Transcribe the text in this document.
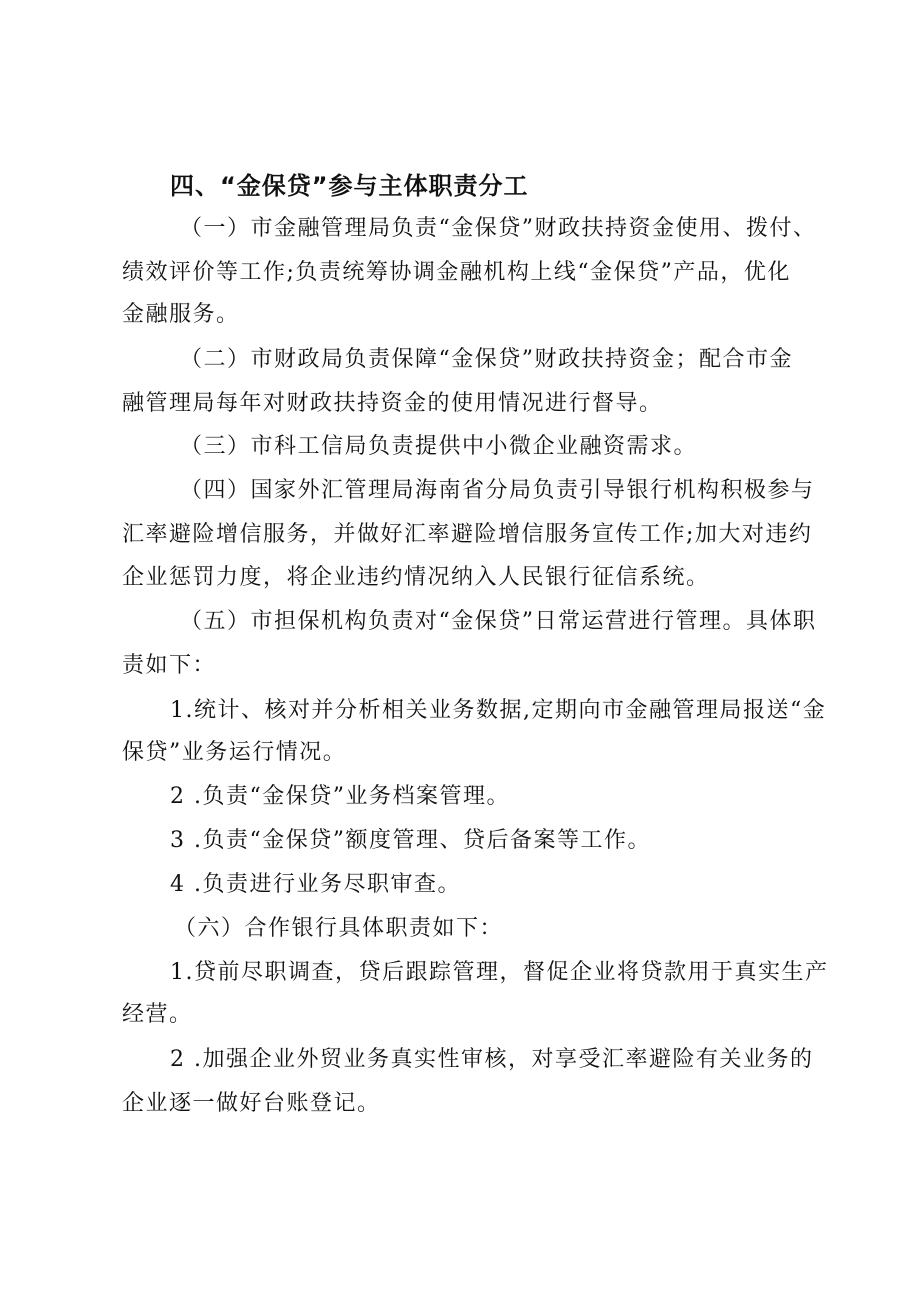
四、“金保贷”参与主体职责分工
（一）市金融管理局负责“金保贷”财政扶持资金使用、拨付、
绩效评价等工作;负责统筹协调金融机构上线“金保贷”产品，优化
金融服务。
（二）市财政局负责保障“金保贷”财政扶持资金；配合市金
融管理局每年对财政扶持资金的使用情况进行督导。
（三）市科工信局负责提供中小微企业融资需求。
（四）国家外汇管理局海南省分局负责引导银行机构积极参与
汇率避险增信服务，并做好汇率避险增信服务宣传工作;加大对违约
企业惩罚力度，将企业违约情况纳入人民银行征信系统。
（五）市担保机构负责对“金保贷”日常运营进行管理。具体职
责如下：
1.统计、核对并分析相关业务数据,定期向市金融管理局报送“金
保贷”业务运行情况。
2 .负责“金保贷”业务档案管理。
3 .负责“金保贷”额度管理、贷后备案等工作。
4 .负责进行业务尽职审查。
（六）合作银行具体职责如下：
1.贷前尽职调查，贷后跟踪管理，督促企业将贷款用于真实生产
经营。
2 .加强企业外贸业务真实性审核，对享受汇率避险有关业务的
企业逐一做好台账登记。
